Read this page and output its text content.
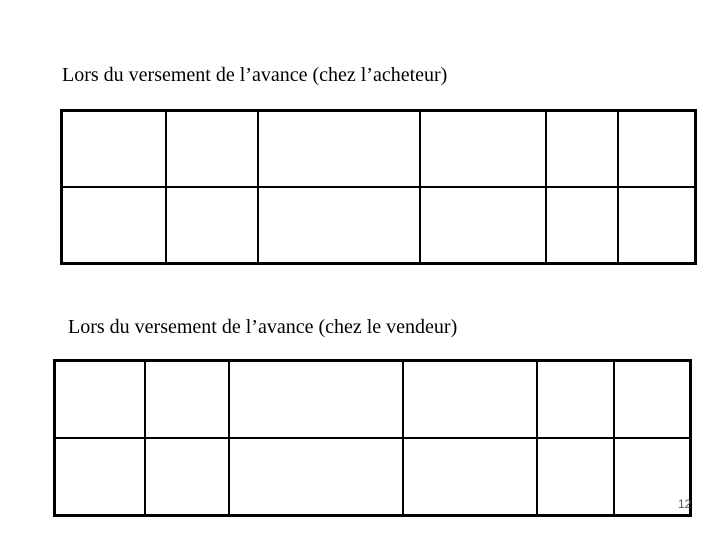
Lors du versement de l’avance (chez l’acheteur)

Lors du versement de l’avance (chez le vendeur)

12
